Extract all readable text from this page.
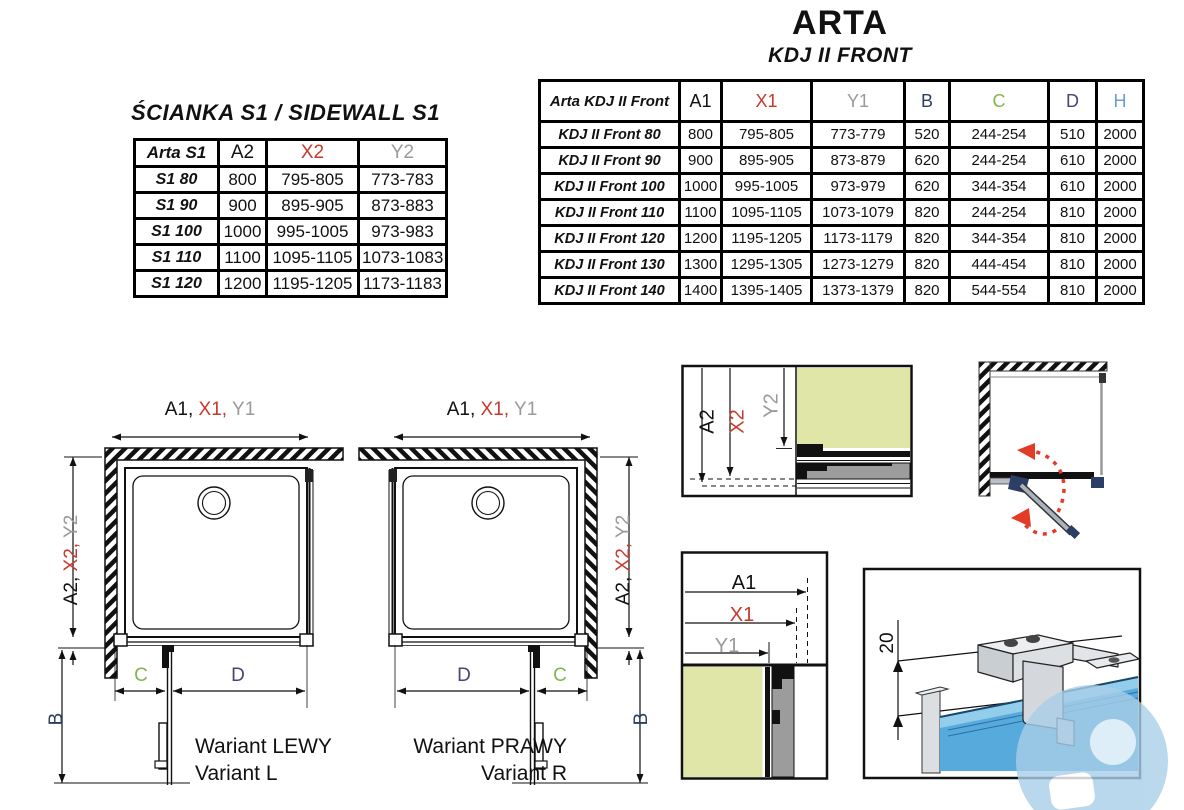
ŚCIANKA S1 / SIDEWALL S1
ARTA
KDJ II FRONT
Arta S1	A2	X2	Y2
S1 80	800	795-805	773-783
S1 90	900	895-905	873-883
S1 100	1000	995-1005	973-983
S1 110	1100	1095-1105	1073-1083
S1 120	1200	1195-1205	1173-1183
Arta KDJ II Front	A1	X1	Y1	B	C	D	H
KDJ II Front 80	800	795-805	773-779	520	244-254	510	2000
KDJ II Front 90	900	895-905	873-879	620	244-254	610	2000
KDJ II Front 100	1000	995-1005	973-979	620	344-354	610	2000
KDJ II Front 110	1100	1095-1105	1073-1079	820	244-254	810	2000
KDJ II Front 120	1200	1195-1205	1173-1179	820	344-354	810	2000
KDJ II Front 130	1300	1295-1305	1273-1279	820	444-454	810	2000
KDJ II Front 140	1400	1395-1405	1373-1379	820	544-554	810	2000
A1, X1, Y1
A2, X2, Y2
B
C	D
Wariant LEWY
Variant L
A1, X1, Y1
A2, X2, Y2
B
D	C
Wariant PRAWY
Variant R
A2 X2
Y2
A1
X1
Y1	20
